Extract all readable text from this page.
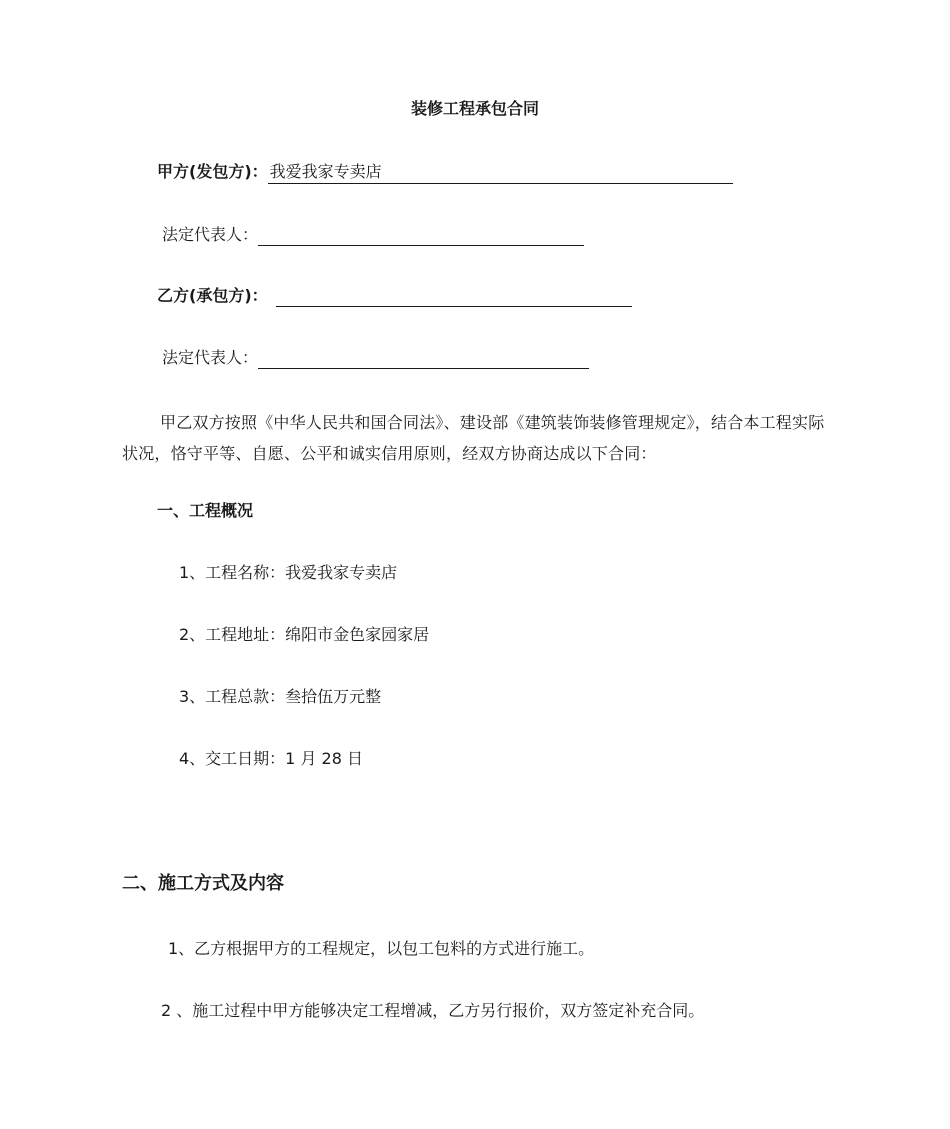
装修工程承包合同
甲方(发包方)： 我爱我家专卖店
法定代表人：
乙方(承包方)：
法定代表人：
甲乙双方按照《中华人民共和国合同法》、建设部《建筑装饰装修管理规定》，结合本工程实际状况，恪守平等、自愿、公平和诚实信用原则，经双方协商达成以下合同：
一、工程概况
1、工程名称：我爱我家专卖店
2、工程地址：绵阳市金色家园家居
3、工程总款：叁拾伍万元整
4、交工日期：1 月 28 日
二、施工方式及内容
1、乙方根据甲方的工程规定，以包工包料的方式进行施工。
2 、施工过程中甲方能够决定工程增减，乙方另行报价，双方签定补充合同。
